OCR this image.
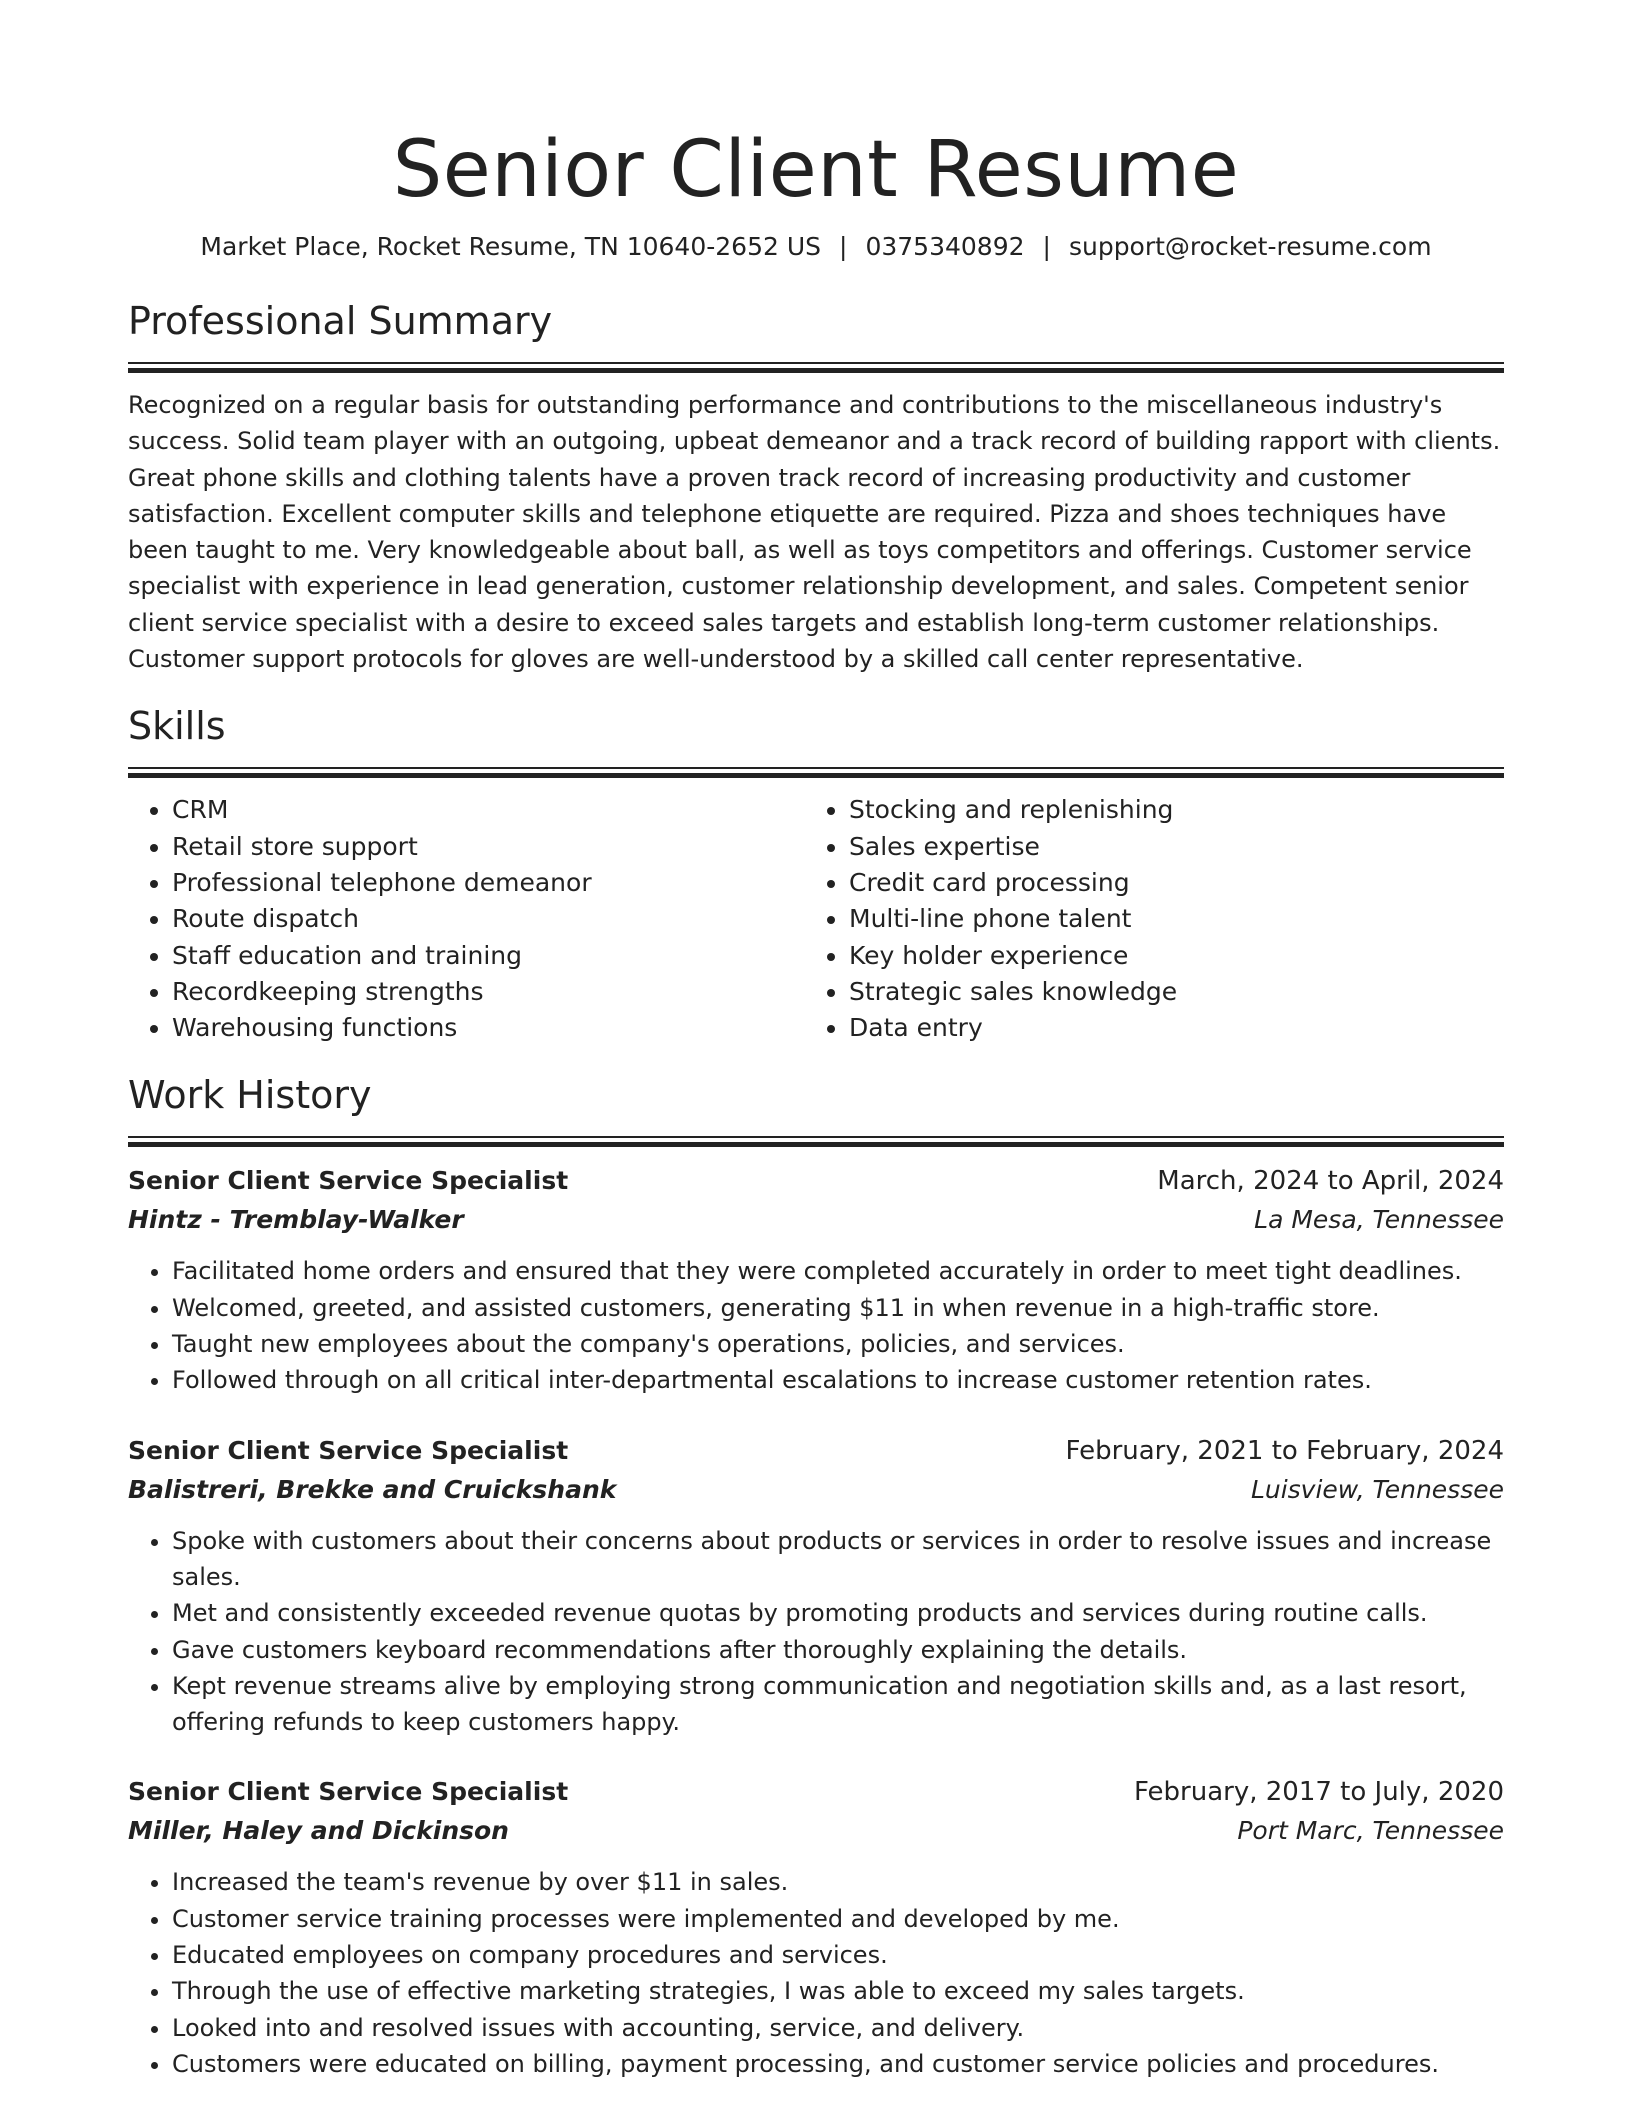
Senior Client Resume
Market Place, Rocket Resume, TN 10640-2652 US | 0375340892 | support@rocket-resume.com
Professional Summary

Recognized on a regular basis for outstanding performance and contributions to the miscellaneous industry's success. Solid team player with an outgoing, upbeat demeanor and a track record of building rapport with clients. Great phone skills and clothing talents have a proven track record of increasing productivity and customer satisfaction. Excellent computer skills and telephone etiquette are required. Pizza and shoes techniques have been taught to me. Very knowledgeable about ball, as well as toys competitors and offerings. Customer service specialist with experience in lead generation, customer relationship development, and sales. Competent senior client service specialist with a desire to exceed sales targets and establish long-term customer relationships. Customer support protocols for gloves are well-understood by a skilled call center representative.

Skills
• CRM
• Retail store support
• Professional telephone demeanor
• Route dispatch
• Staff education and training
• Recordkeeping strengths
• Warehousing functions
• Stocking and replenishing
• Sales expertise
• Credit card processing
• Multi-line phone talent
• Key holder experience
• Strategic sales knowledge
• Data entry
Work History
Senior Client Service Specialist	March, 2024 to April, 2024
Hintz - Tremblay-Walker	La Mesa, Tennessee
• Facilitated home orders and ensured that they were completed accurately in order to meet tight deadlines.
• Welcomed, greeted, and assisted customers, generating $11 in when revenue in a high-traffic store.
• Taught new employees about the company's operations, policies, and services.
• Followed through on all critical inter-departmental escalations to increase customer retention rates.
Senior Client Service Specialist	February, 2021 to February, 2024
Balistreri, Brekke and Cruickshank	Luisview, Tennessee
• Spoke with customers about their concerns about products or services in order to resolve issues and increase sales.
• Met and consistently exceeded revenue quotas by promoting products and services during routine calls.
• Gave customers keyboard recommendations after thoroughly explaining the details.
• Kept revenue streams alive by employing strong communication and negotiation skills and, as a last resort, offering refunds to keep customers happy.
Senior Client Service Specialist	February, 2017 to July, 2020
Miller, Haley and Dickinson	Port Marc, Tennessee
• Increased the team's revenue by over $11 in sales.
• Customer service training processes were implemented and developed by me.
• Educated employees on company procedures and services.
• Through the use of effective marketing strategies, I was able to exceed my sales targets.
• Looked into and resolved issues with accounting, service, and delivery.
• Customers were educated on billing, payment processing, and customer service policies and procedures.
